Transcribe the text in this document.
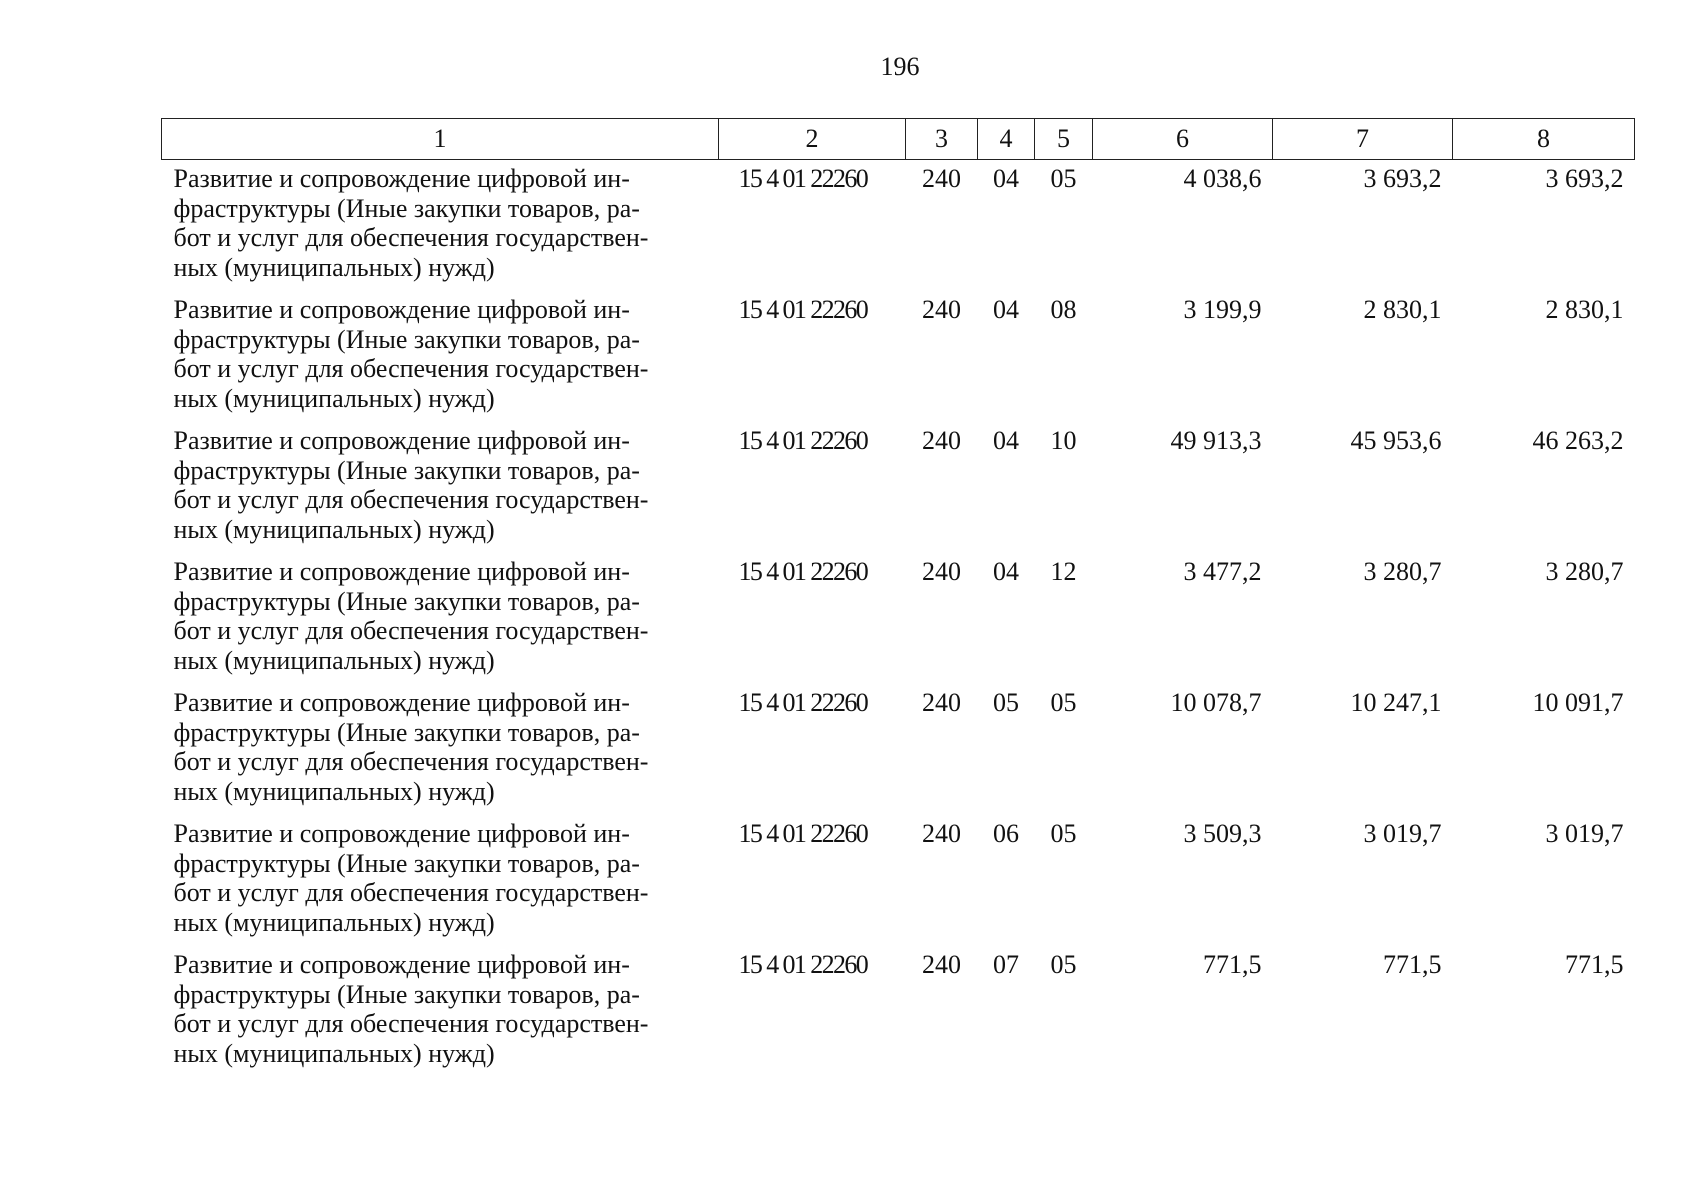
196
1	2	3	4	5	6	7	8

Развитие и сопровождение цифровой ин-
фраструктуры (Иные закупки товаров, ра-
бот и услуг для обеспечения государствен-
ных (муниципальных) нужд)	15 4 01 22260	240	04	05	4 038,6	3 693,2	3 693,2

Развитие и сопровождение цифровой ин-
фраструктуры (Иные закупки товаров, ра-
бот и услуг для обеспечения государствен-
ных (муниципальных) нужд)	15 4 01 22260	240	04	08	3 199,9	2 830,1	2 830,1

Развитие и сопровождение цифровой ин-
фраструктуры (Иные закупки товаров, ра-
бот и услуг для обеспечения государствен-
ных (муниципальных) нужд)	15 4 01 22260	240	04	10	49 913,3	45 953,6	46 263,2

Развитие и сопровождение цифровой ин-
фраструктуры (Иные закупки товаров, ра-
бот и услуг для обеспечения государствен-
ных (муниципальных) нужд)	15 4 01 22260	240	04	12	3 477,2	3 280,7	3 280,7

Развитие и сопровождение цифровой ин-
фраструктуры (Иные закупки товаров, ра-
бот и услуг для обеспечения государствен-
ных (муниципальных) нужд)	15 4 01 22260	240	05	05	10 078,7	10 247,1	10 091,7

Развитие и сопровождение цифровой ин-
фраструктуры (Иные закупки товаров, ра-
бот и услуг для обеспечения государствен-
ных (муниципальных) нужд)	15 4 01 22260	240	06	05	3 509,3	3 019,7	3 019,7

Развитие и сопровождение цифровой ин-
фраструктуры (Иные закупки товаров, ра-
бот и услуг для обеспечения государствен-
ных (муниципальных) нужд)	15 4 01 22260	240	07	05	771,5	771,5	771,5
